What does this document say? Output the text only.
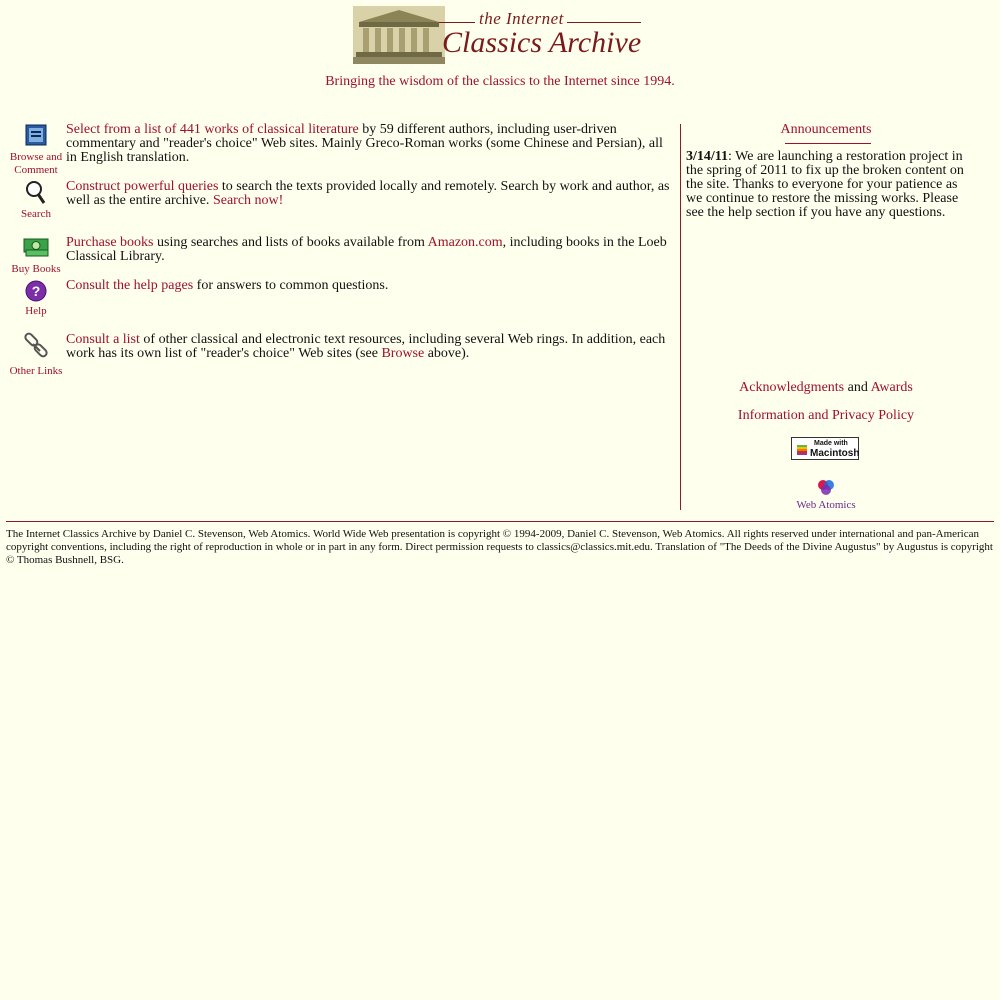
the Internet
Classics Archive
Bringing the wisdom of the classics to the Internet since 1994.
Browse and
Comment
Select from a list of 441 works of classical literature by 59 different authors, including user-driven commentary and "reader's choice" Web sites. Mainly Greco-Roman works (some Chinese and Persian), all in English translation.
Search
Construct powerful queries to search the texts provided locally and remotely. Search by work and author, as well as the entire archive. Search now!
Buy Books
Purchase books using searches and lists of books available from Amazon.com, including books in the Loeb Classical Library.
?
Help
Consult the help pages for answers to common questions.
Other Links
Consult a list of other classical and electronic text resources, including several Web rings. In addition, each work has its own list of "reader's choice" Web sites (see Browse above).
Announcements
3/14/11: We are launching a restoration project in the spring of 2011 to fix up the broken content on the site. Thanks to everyone for your patience as we continue to restore the missing works. Please see the help section if you have any questions.
Acknowledgments and Awards
Information and Privacy Policy
Made with
Macintosh
Web Atomics
The Internet Classics Archive by Daniel C. Stevenson, Web Atomics. World Wide Web presentation is copyright © 1994-2009, Daniel C. Stevenson, Web Atomics. All rights reserved under international and pan-American copyright conventions, including the right of reproduction in whole or in part in any form. Direct permission requests to classics@classics.mit.edu. Translation of "The Deeds of the Divine Augustus" by Augustus is copyright © Thomas Bushnell, BSG.
